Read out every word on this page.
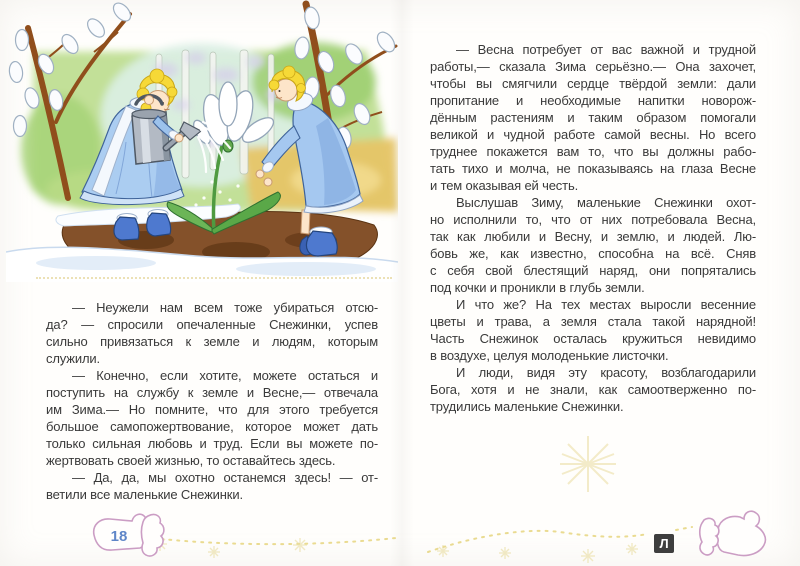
— Неужели нам всем тоже убираться отсю-
да? — спросили опечаленные Снежинки, успев
сильно привязаться к земле и людям, которым
служили.
— Конечно, если хотите, можете остаться и
поступить на службу к земле и Весне,— отвечала
им Зима.— Но помните, что для этого требуется
большое самопожертвование, которое может дать
только сильная любовь и труд. Если вы можете по-
жертвовать своей жизнью, то оставайтесь здесь.
— Да, да, мы охотно останемся здесь! — от-
ветили все маленькие Снежинки.
— Весна потребует от вас важной и трудной
работы,— сказала Зима серьёзно.— Она захочет,
чтобы вы смягчили сердце твёрдой земли: дали
пропитание и необходимые напитки новорож-
дённым растениям и таким образом помогали
великой и чудной работе самой весны. Но всего
труднее покажется вам то, что вы должны рабо-
тать тихо и молча, не показываясь на глаза Весне
и тем оказывая ей честь.
Выслушав Зиму, маленькие Снежинки охот-
но исполнили то, что от них потребовала Весна,
так как любили и Весну, и землю, и людей. Лю-
бовь же, как известно, способна на всё. Сняв
с себя свой блестящий наряд, они попрятались
под кочки и проникли в глубь земли.
И что же? На тех местах выросли весенние
цветы и трава, а земля стала такой нарядной!
Часть Снежинок осталась кружиться невидимо
в воздухе, целуя молоденькие листочки.
И люди, видя эту красоту, возблагодарили
Бога, хотя и не знали, как самоотверженно по-
трудились маленькие Снежинки.
18	Л
